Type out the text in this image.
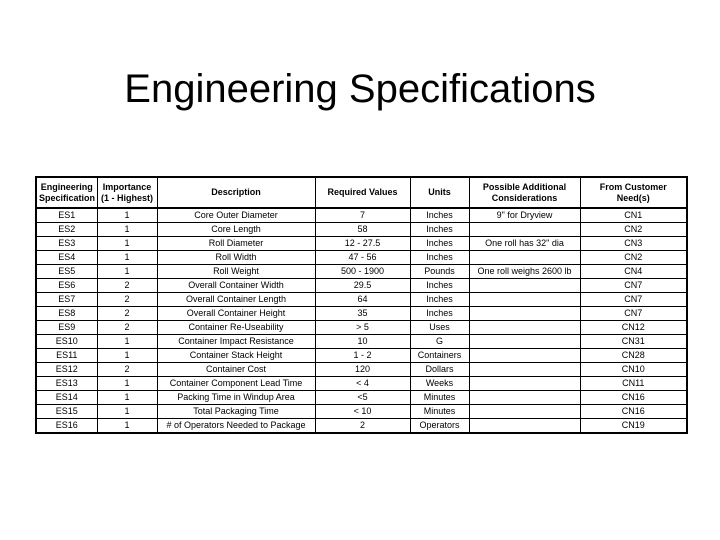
Engineering Specifications
Engineering Specification	Importance (1 - Highest)	Description	Required Values	Units	Possible Additional Considerations	From Customer Need(s)
ES1	1	Core Outer Diameter	7	Inches	9" for Dryview	CN1
ES2	1	Core Length	58	Inches		CN2
ES3	1	Roll Diameter	12 - 27.5	Inches	One roll has 32" dia	CN3
ES4	1	Roll Width	47 - 56	Inches		CN2
ES5	1	Roll Weight	500 - 1900	Pounds	One roll weighs 2600 lb	CN4
ES6	2	Overall Container Width	29.5	Inches		CN7
ES7	2	Overall Container Length	64	Inches		CN7
ES8	2	Overall Container Height	35	Inches		CN7
ES9	2	Container Re-Useability	> 5	Uses		CN12
ES10	1	Container Impact Resistance	10	G		CN31
ES11	1	Container Stack Height	1 - 2	Containers		CN28
ES12	2	Container Cost	120	Dollars		CN10
ES13	1	Container Component Lead Time	< 4	Weeks		CN11
ES14	1	Packing Time in Windup Area	<5	Minutes		CN16
ES15	1	Total Packaging Time	< 10	Minutes		CN16
ES16	1	# of Operators Needed to Package	2	Operators		CN19
